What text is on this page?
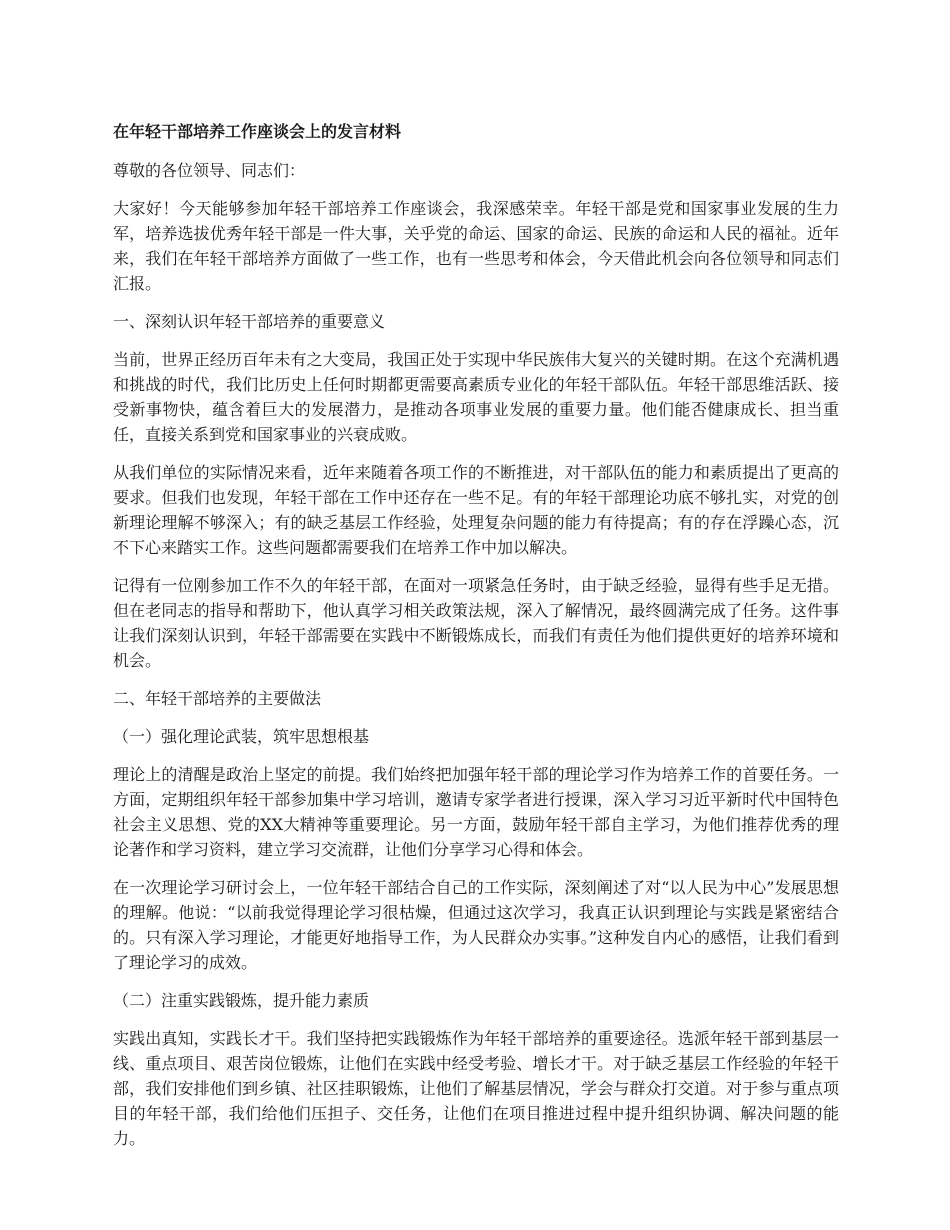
在年轻干部培养工作座谈会上的发言材料

尊敬的各位领导、同志们：

大家好！今天能够参加年轻干部培养工作座谈会，我深感荣幸。年轻干部是党和国家事业发展的生力军，培养选拔优秀年轻干部是一件大事，关乎党的命运、国家的命运、民族的命运和人民的福祉。近年来，我们在年轻干部培养方面做了一些工作，也有一些思考和体会，今天借此机会向各位领导和同志们汇报。

一、深刻认识年轻干部培养的重要意义

当前，世界正经历百年未有之大变局，我国正处于实现中华民族伟大复兴的关键时期。在这个充满机遇和挑战的时代，我们比历史上任何时期都更需要高素质专业化的年轻干部队伍。年轻干部思维活跃、接受新事物快，蕴含着巨大的发展潜力，是推动各项事业发展的重要力量。他们能否健康成长、担当重任，直接关系到党和国家事业的兴衰成败。

从我们单位的实际情况来看，近年来随着各项工作的不断推进，对干部队伍的能力和素质提出了更高的要求。但我们也发现，年轻干部在工作中还存在一些不足。有的年轻干部理论功底不够扎实，对党的创新理论理解不够深入；有的缺乏基层工作经验，处理复杂问题的能力有待提高；有的存在浮躁心态，沉不下心来踏实工作。这些问题都需要我们在培养工作中加以解决。

记得有一位刚参加工作不久的年轻干部，在面对一项紧急任务时，由于缺乏经验，显得有些手足无措。但在老同志的指导和帮助下，他认真学习相关政策法规，深入了解情况，最终圆满完成了任务。这件事让我们深刻认识到，年轻干部需要在实践中不断锻炼成长，而我们有责任为他们提供更好的培养环境和机会。

二、年轻干部培养的主要做法

（一）强化理论武装，筑牢思想根基

理论上的清醒是政治上坚定的前提。我们始终把加强年轻干部的理论学习作为培养工作的首要任务。一方面，定期组织年轻干部参加集中学习培训，邀请专家学者进行授课，深入学习习近平新时代中国特色社会主义思想、党的XX大精神等重要理论。另一方面，鼓励年轻干部自主学习，为他们推荐优秀的理论著作和学习资料，建立学习交流群，让他们分享学习心得和体会。

在一次理论学习研讨会上，一位年轻干部结合自己的工作实际，深刻阐述了对“以人民为中心”发展思想的理解。他说：“以前我觉得理论学习很枯燥，但通过这次学习，我真正认识到理论与实践是紧密结合的。只有深入学习理论，才能更好地指导工作，为人民群众办实事。”这种发自内心的感悟，让我们看到了理论学习的成效。

（二）注重实践锻炼，提升能力素质

实践出真知，实践长才干。我们坚持把实践锻炼作为年轻干部培养的重要途径。选派年轻干部到基层一线、重点项目、艰苦岗位锻炼，让他们在实践中经受考验、增长才干。对于缺乏基层工作经验的年轻干部，我们安排他们到乡镇、社区挂职锻炼，让他们了解基层情况，学会与群众打交道。对于参与重点项目的年轻干部，我们给他们压担子、交任务，让他们在项目推进过程中提升组织协调、解决问题的能力。
